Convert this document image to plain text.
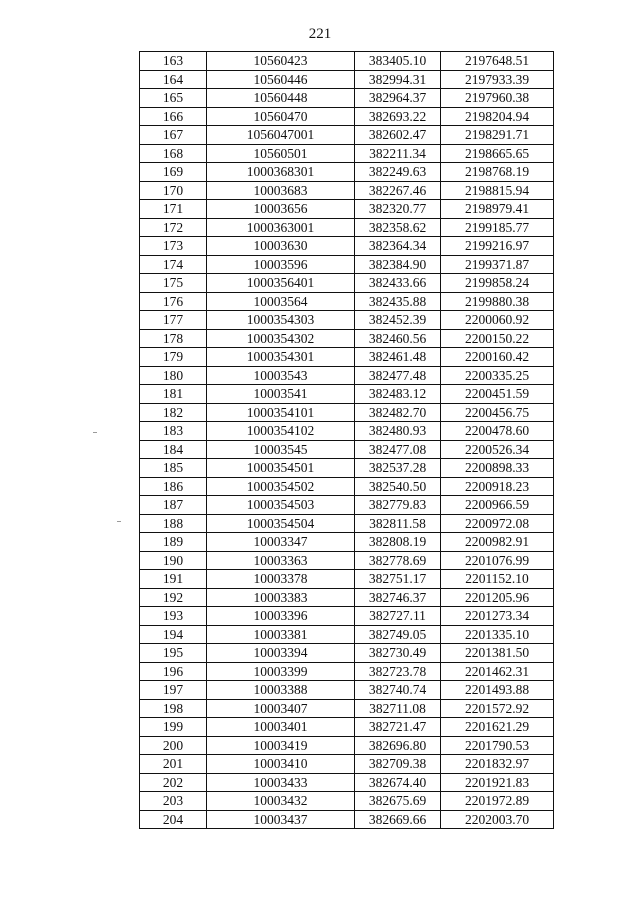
221
163	10560423	383405.10	2197648.51
164	10560446	382994.31	2197933.39
165	10560448	382964.37	2197960.38
166	10560470	382693.22	2198204.94
167	1056047001	382602.47	2198291.71
168	10560501	382211.34	2198665.65
169	1000368301	382249.63	2198768.19
170	10003683	382267.46	2198815.94
171	10003656	382320.77	2198979.41
172	1000363001	382358.62	2199185.77
173	10003630	382364.34	2199216.97
174	10003596	382384.90	2199371.87
175	1000356401	382433.66	2199858.24
176	10003564	382435.88	2199880.38
177	1000354303	382452.39	2200060.92
178	1000354302	382460.56	2200150.22
179	1000354301	382461.48	2200160.42
180	10003543	382477.48	2200335.25
181	10003541	382483.12	2200451.59
182	1000354101	382482.70	2200456.75
183	1000354102	382480.93	2200478.60
184	10003545	382477.08	2200526.34
185	1000354501	382537.28	2200898.33
186	1000354502	382540.50	2200918.23
187	1000354503	382779.83	2200966.59
188	1000354504	382811.58	2200972.08
189	10003347	382808.19	2200982.91
190	10003363	382778.69	2201076.99
191	10003378	382751.17	2201152.10
192	10003383	382746.37	2201205.96
193	10003396	382727.11	2201273.34
194	10003381	382749.05	2201335.10
195	10003394	382730.49	2201381.50
196	10003399	382723.78	2201462.31
197	10003388	382740.74	2201493.88
198	10003407	382711.08	2201572.92
199	10003401	382721.47	2201621.29
200	10003419	382696.80	2201790.53
201	10003410	382709.38	2201832.97
202	10003433	382674.40	2201921.83
203	10003432	382675.69	2201972.89
204	10003437	382669.66	2202003.70
